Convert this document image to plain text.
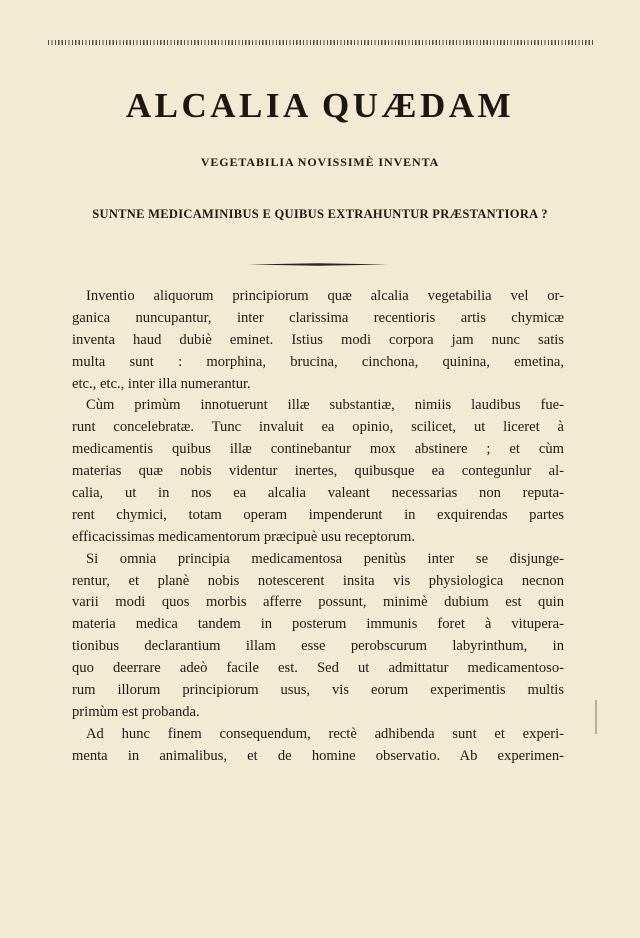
ALCALIA QUÆDAM
VEGETABILIA NOVISSIMÈ INVENTA
SUNTNE MEDICAMINIBUS E QUIBUS EXTRAHUNTUR PRÆSTANTIORA ?
Inventio aliquorum principiorum quæ alcalia vegetabilia vel or-
ganica nuncupantur, inter clarissima recentioris artis chymicæ
inventa haud dubiè eminet. Istius modi corpora jam nunc satis
multa sunt : morphina, brucina, cinchona, quinina, emetina,
etc., etc., inter illa numerantur.
Cùm primùm innotuerunt illæ substantiæ, nimiis laudibus fue-
runt concelebratæ. Tunc invaluit ea opinio, scilicet, ut liceret à
medicamentis quibus illæ continebantur mox abstinere ; et cùm
materias quæ nobis videntur inertes, quibusque ea contegunlur al-
calia, ut in nos ea alcalia valeant necessarias non reputa-
rent chymici, totam operam impenderunt in exquirendas partes
efficacissimas medicamentorum præcipuè usu receptorum.
Si omnia principia medicamentosa penitùs inter se disjunge-
rentur, et planè nobis notescerent insita vis physiologica necnon
varii modi quos morbis afferre possunt, minimè dubium est quin
materia medica tandem in posterum immunis foret à vitupera-
tionibus declarantium illam esse perobscurum labyrinthum, in
quo deerrare adeò facile est. Sed ut admittatur medicamentoso-
rum illorum principiorum usus, vis eorum experimentis multis
primùm est probanda.
Ad hunc finem consequendum, rectè adhibenda sunt et experi-
menta in animalibus, et de homine observatio. Ab experimen-
